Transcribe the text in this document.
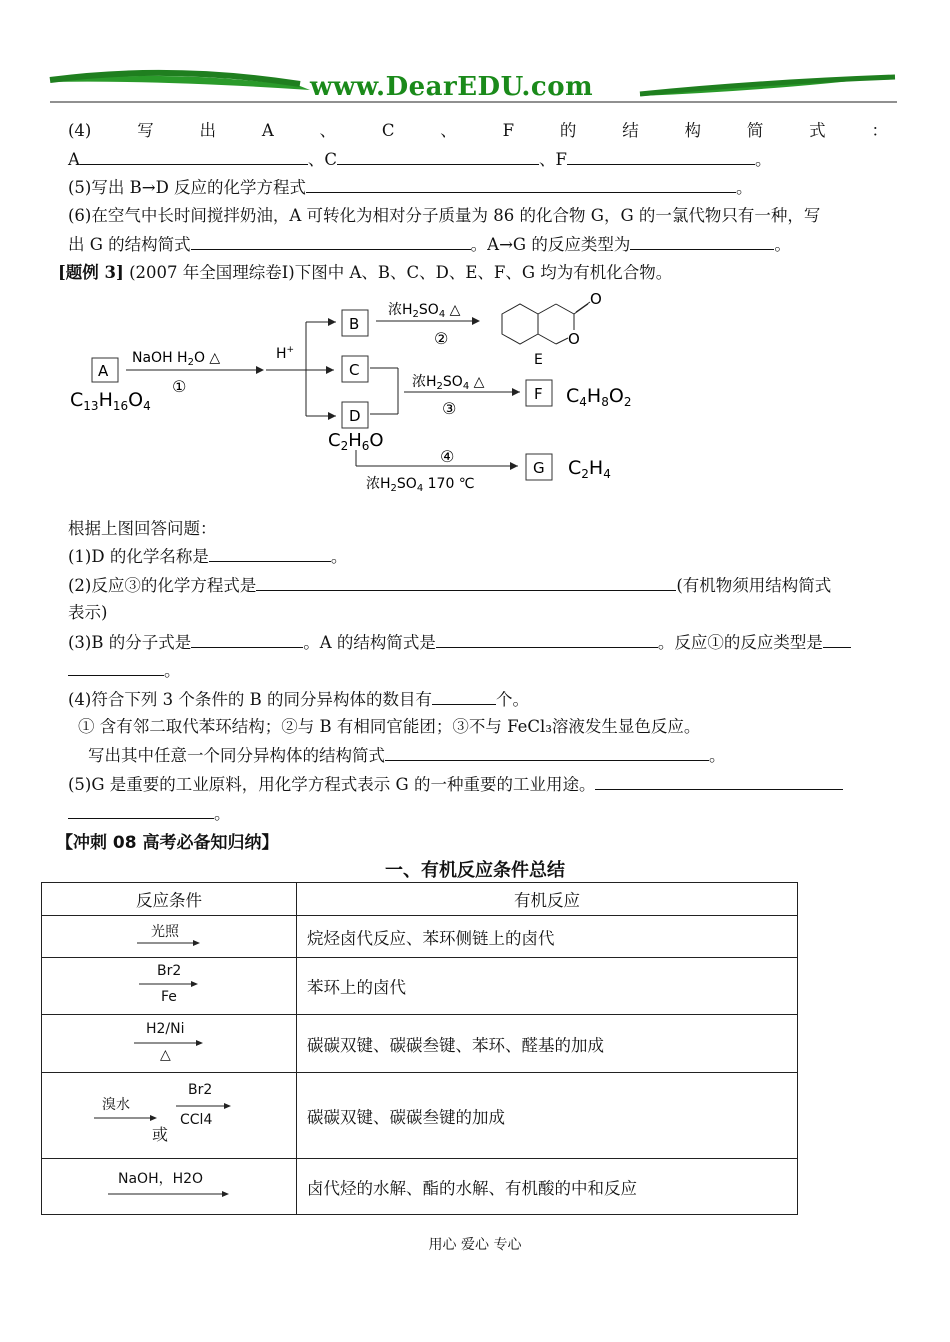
www.DearEDU.com
(4)	写	出	A	、	C	、	F	的	结	构	简	式	：
A	、C	、F	。
(5)写出 B→D 反应的化学方程式	。
(6)在空气中长时间搅拌奶油，A 可转化为相对分子质量为 86 的化合物 G，G 的一氯代物只有一种，写
出 G 的结构简式	。A→G 的反应类型为	。
[题例 3] (2007 年全国理综卷I)下图中 A、B、C、D、E、F、G 均为有机化合物。
A
$C_{13}H_{16}O_4$
NaOH $H_2O$ △
①
H+
B
C
D
$C_2H_6O$
浓$H_2SO_4$ △
②
O
O
E
浓$H_2SO_4$ △
③
F $C_4H_8O_2$
④
浓$H_2SO_4$ 170 ℃
G $C_2H_4$
根据上图回答问题：
(1)D 的化学名称是	。
(2)反应③的化学方程式是	(有机物须用结构简式
表示)
(3)B 的分子式是	。A 的结构简式是	。反应①的反应类型是
。
(4)符合下列 3 个条件的 B 的同分异构体的数目有	个。
① 含有邻二取代苯环结构；②与 B 有相同官能团；③不与 FeCl₃溶液发生显色反应。
写出其中任意一个同分异构体的结构简式	。
(5)G 是重要的工业原料，用化学方程式表示 G 的一种重要的工业用途。
。
【冲刺 08 高考必备知归纳】
一、有机反应条件总结
反应条件	有机反应

光照	烷烃卤代反应、苯环侧链上的卤代

Br2
Fe	苯环上的卤代

H2/Ni
△	碳碳双键、碳碳叁键、苯环、醛基的加成

溴水
或
Br2
CCl4	碳碳双键、碳碳叁键的加成

NaOH，H2O	卤代烃的水解、酯的水解、有机酸的中和反应
用心 爱心 专心
